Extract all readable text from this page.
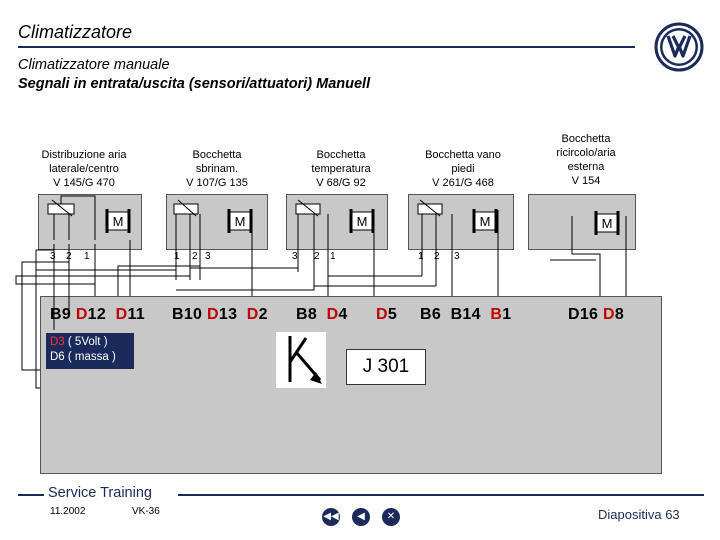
Climatizzatore
Climatizzatore manuale
Segnali in entrata/uscita (sensori/attuatori) Manuell
Distribuzione aria laterale/centro
V 145/G 470
Bocchetta sbrinam.
V 107/G 135
Bocchetta temperatura
V 68/G 92
Bocchetta vano piedi
V 261/G 468
Bocchetta ricircolo/aria esterna
V 154
M	M	M	M	M
3 2 1	1 2 3	3 2 1	1 2 3
B9 D12 D11 B10 D13 D2 B8 D4 D5 B6 B14 B1	D16 D8
D3 ( 5Volt )
D6 ( massa )	J 301
Service Training
11.2002	VK-36	◀◀	◀	✕	Diapositiva 63
